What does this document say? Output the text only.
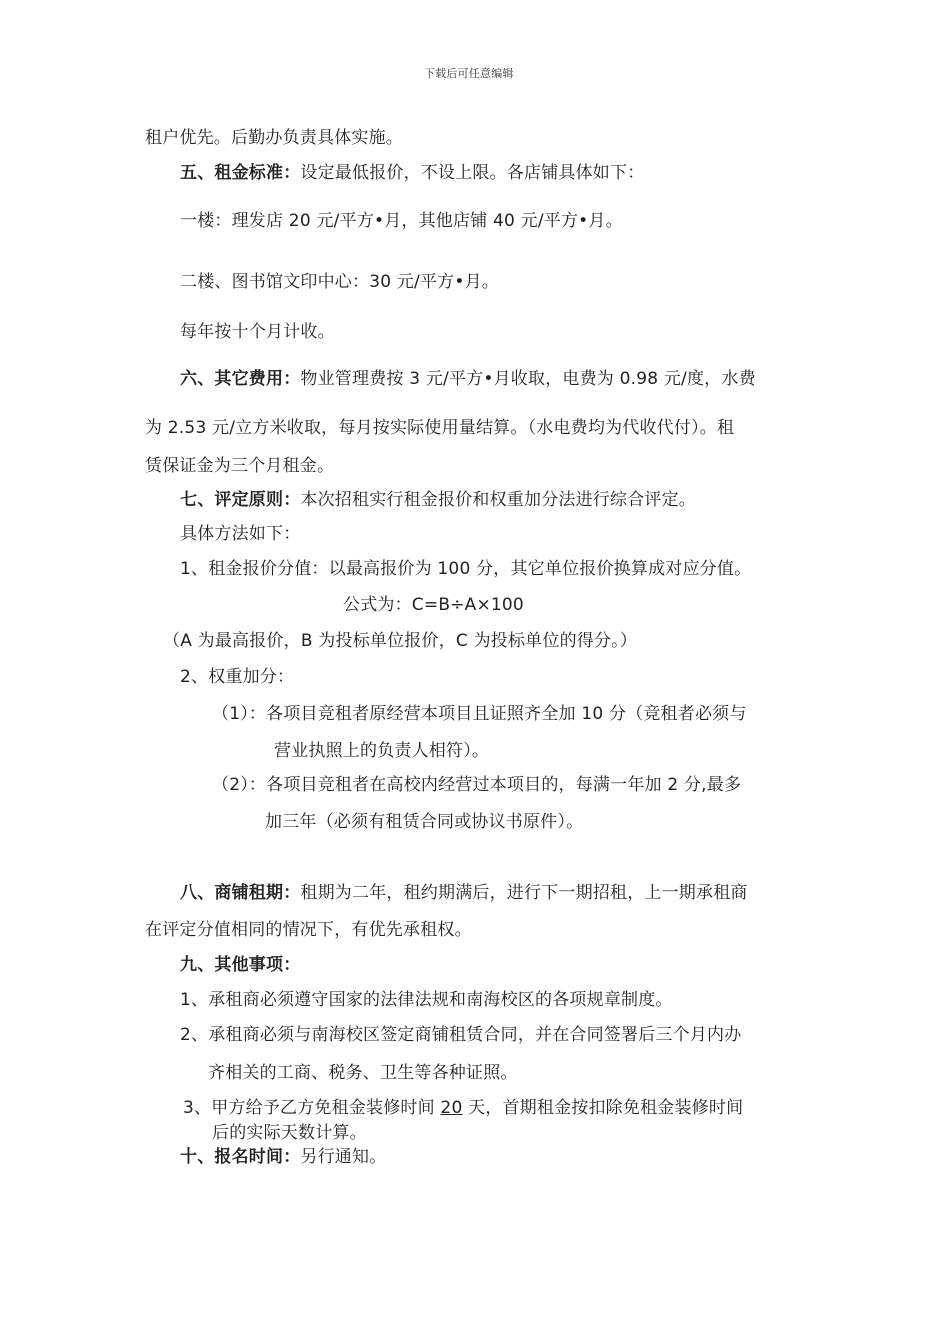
下载后可任意编辑
租户优先。后勤办负责具体实施。
五、租金标准：设定最低报价，不设上限。各店铺具体如下：
一楼：理发店 20 元/平方•月，其他店铺 40 元/平方•月。
二楼、图书馆文印中心：30 元/平方•月。
每年按十个月计收。
六、其它费用：物业管理费按 3 元/平方•月收取，电费为 0.98 元/度，水费
为 2.53 元/立方米收取，每月按实际使用量结算。（水电费均为代收代付）。租
赁保证金为三个月租金。
七、评定原则：本次招租实行租金报价和权重加分法进行综合评定。
具体方法如下：
1、租金报价分值：以最高报价为 100 分，其它单位报价换算成对应分值。
公式为：C=B÷A×100
（A 为最高报价，B 为投标单位报价，C 为投标单位的得分。）
2、权重加分：
（1）：各项目竞租者原经营本项目且证照齐全加 10 分（竞租者必须与
营业执照上的负责人相符）。
（2）：各项目竞租者在高校内经营过本项目的，每满一年加 2 分,最多
加三年（必须有租赁合同或协议书原件）。
八、商铺租期：租期为二年，租约期满后，进行下一期招租，上一期承租商
在评定分值相同的情况下，有优先承租权。
九、其他事项：
1、承租商必须遵守国家的法律法规和南海校区的各项规章制度。
2、承租商必须与南海校区签定商铺租赁合同，并在合同签署后三个月内办
齐相关的工商、税务、卫生等各种证照。
3、甲方给予乙方免租金装修时间 20 天，首期租金按扣除免租金装修时间
后的实际天数计算。
十、报名时间：另行通知。
